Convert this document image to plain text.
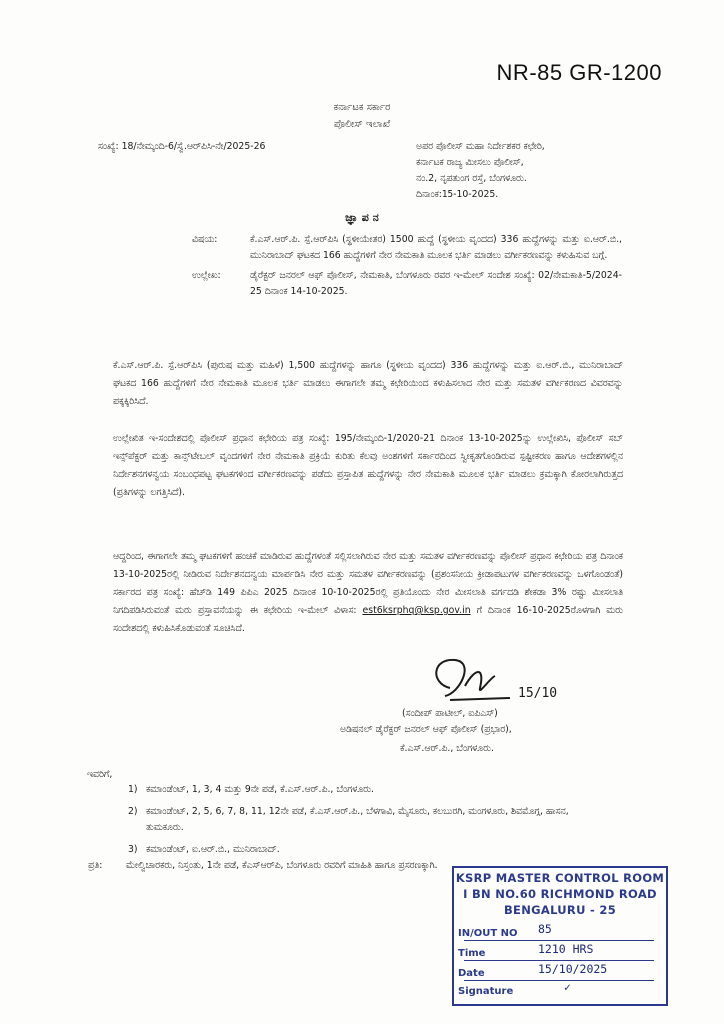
NR-85 GR-1200
ಕರ್ನಾಟಕ ಸರ್ಕಾರ
ಪೊಲೀಸ್ ಇಲಾಖೆ
ಸಂಖ್ಯೆ: 18/ನೇಮ್ಕಂದಿ-6/ಸ್ವೆ.ಆರ್‌ಪಿಸಿ-ನೇ/2025-26	ಅಪರ ಪೊಲೀಸ್ ಮಹಾ ನಿರ್ದೇಶಕರ ಕಛೇರಿ,
ಕರ್ನಾಟಕ ರಾಜ್ಯ ಮೀಸಲು ಪೊಲೀಸ್,
ನಂ.2, ನೃಪತುಂಗ ರಸ್ತೆ, ಬೆಂಗಳೂರು.
ದಿನಾಂಕ:15-10-2025.
ಜ್ಞಾ ಪ ನ
ವಿಷಯ:	ಕೆ.ಎಸ್.ಆರ್.ಪಿ. ಸ್ಪೆ.ಆರ್‌ಪಿಸಿ (ಸ್ಥಳೀಯೇತರ) 1500 ಹುದ್ದೆ (ಸ್ಥಳೀಯ ವೃಂದದ) 336 ಹುದ್ದೆಗಳನ್ನು ಮತ್ತು ಐ.ಆರ್.ಬಿ., ಮುನಿರಾಬಾದ್ ಘಟಕದ 166 ಹುದ್ದೆಗಳಿಗೆ ನೇರ ನೇಮಕಾತಿ ಮೂಲಕ ಭರ್ತಿ ಮಾಡಲು ವರ್ಗೀಕರಣವನ್ನು ಕಳುಹಿಸುವ ಬಗ್ಗೆ.
ಉಲ್ಲೇಖ:	ಡೈರೆಕ್ಟರ್ ಜನರಲ್ ಆಫ್ ಪೊಲೀಸ್, ನೇಮಕಾತಿ, ಬೆಂಗಳೂರು ರವರ ಇ-ಮೇಲ್ ಸಂದೇಶ ಸಂಖ್ಯೆ: 02/ನೇಮಕಾತಿ-5/2024-25 ದಿನಾಂಕ 14-10-2025.
ಕೆ.ಎಸ್.ಆರ್.ಪಿ. ಸ್ಪೆ.ಆರ್‌ಪಿಸಿ (ಪುರುಷ ಮತ್ತು ಮಹಿಳೆ) 1,500 ಹುದ್ದೆಗಳನ್ನು ಹಾಗೂ (ಸ್ಥಳೀಯ ವೃಂದದ) 336 ಹುದ್ದೆಗಳನ್ನು ಮತ್ತು ಐ.ಆರ್.ಬಿ., ಮುನಿರಾಬಾದ್ ಘಟಕದ 166 ಹುದ್ದೆಗಳಿಗೆ ನೇರ ನೇಮಕಾತಿ ಮೂಲಕ ಭರ್ತಿ ಮಾಡಲು ಈಗಾಗಲೇ ತಮ್ಮ ಕಛೇರಿಯಿಂದ ಕಳುಹಿಸಲಾದ ನೇರ ಮತ್ತು ಸಮತಳ ವರ್ಗೀಕರಣದ ವಿವರವನ್ನು ಪಕ್ಕಕ್ಕಿರಿಸಿದೆ.
ಉಲ್ಲೇಖಿತ ಇ-ಸಂದೇಶದಲ್ಲಿ ಪೊಲೀಸ್ ಪ್ರಧಾನ ಕಛೇರಿಯ ಪತ್ರ ಸಂಖ್ಯೆ: 195/ನೇಮ್ಕಂದಿ-1/2020-21 ದಿನಾಂಕ 13-10-2025ನ್ನು ಉಲ್ಲೇಖಿಸಿ, ಪೊಲೀಸ್ ಸಬ್ ಇನ್ಸ್‌ಪೆಕ್ಟರ್ ಮತ್ತು ಕಾನ್ಸ್‌ಟೇಬಲ್ ವೃಂದಗಳಿಗೆ ನೇರ ನೇಮಕಾತಿ ಪ್ರಕ್ರಿಯೆ ಕುರಿತು ಕೆಲವು ಅಂಶಗಳಿಗೆ ಸರ್ಕಾರದಿಂದ ಸ್ವೀಕೃತಗೊಂಡಿರುವ ಸ್ಪಷ್ಟೀಕರಣ ಹಾಗೂ ಆದೇಶಗಳಲ್ಲಿನ ನಿರ್ದೇಶನಗಳನ್ವಯ ಸಂಬಂಧಪಟ್ಟ ಘಟಕಗಳಿಂದ ವರ್ಗೀಕರಣವನ್ನು ಪಡೆದು ಪ್ರಸ್ತಾಪಿತ ಹುದ್ದೆಗಳನ್ನು ನೇರ ನೇಮಕಾತಿ ಮೂಲಕ ಭರ್ತಿ ಮಾಡಲು ಕ್ರಮಕ್ಕಾಗಿ ಕೋರಲಾಗಿರುತ್ತದ (ಪ್ರತಿಗಳನ್ನು ಲಗತ್ತಿಸಿದೆ).
ಆದ್ದರಿಂದ, ಈಗಾಗಲೇ ತಮ್ಮ ಘಟಕಗಳಿಗೆ ಹಂಚಿಕೆ ಮಾಡಿರುವ ಹುದ್ದೆಗಳಂತೆ ಸಲ್ಲಿಸಲಾಗಿರುವ ನೇರ ಮತ್ತು ಸಮತಳ ವರ್ಗೀಕರಣವನ್ನು ಪೊಲೀಸ್ ಪ್ರಧಾನ ಕಛೇರಿಯ ಪತ್ರ ದಿನಾಂಕ 13-10-2025ರಲ್ಲಿ ನೀಡಿರುವ ನಿರ್ದೇಶನದನ್ವಯ ಮಾರ್ಪಡಿಸಿ ನೇರ ಮತ್ತು ಸಮತಳ ವರ್ಗೀಕರಣವನ್ನು (ಪ್ರಶಂಸನೀಯ ಕ್ರೀಡಾಪಟುಗಳ ವರ್ಗೀಕರಣವನ್ನು ಒಳಗೊಂಡಂತೆ) ಸರ್ಕಾರದ ಪತ್ರ ಸಂಖ್ಯೆ: ಹೆಚ್‌ಡಿ 149 ಪಿಪಿಎ 2025 ದಿನಾಂಕ 10-10-2025ರಲ್ಲಿ ಪ್ರತಿಯೊಂದು ನೇರ ಮೀಸಲಾತಿ ವರ್ಗದಡಿ ಶೇಕಡಾ 3% ರಷ್ಟು ಮೀಸಲಾತಿ ನಿಗದಿಪಡಿಸಿರುವಂತೆ ಮರು ಪ್ರಸ್ತಾವನೆಯನ್ನು ಈ ಕಛೇರಿಯ ಇ-ಮೇಲ್ ವಿಳಾಸ: est6ksrphq@ksp.gov.in ಗೆ ದಿನಾಂಕ 16-10-2025ರೊಳಗಾಗಿ ಮರು ಸಂದೇಶದಲ್ಲಿ ಕಳುಹಿಸಿಕೊಡುವಂತೆ ಸೂಚಿಸಿದೆ.
15/10
(ಸಂದೀಪ್ ಪಾಟೀಲ್, ಐಪಿಎಸ್)
ಅಡಿಷನಲ್ ಡೈರೆಕ್ಟರ್ ಜನರಲ್ ಆಫ್ ಪೊಲೀಸ್ (ಪ್ರಭಾರ),
ಕೆ.ಎಸ್.ಆರ್.ಪಿ., ಬೆಂಗಳೂರು.
ಇವರಿಗೆ,
1) ಕಮಾಂಡೆಂಟ್, 1, 3, 4 ಮತ್ತು 9ನೇ ಪಡೆ, ಕೆ.ಎಸ್.ಆರ್.ಪಿ., ಬೆಂಗಳೂರು.
2) ಕಮಾಂಡೆಂಟ್, 2, 5, 6, 7, 8, 11, 12ನೇ ಪಡೆ, ಕೆ.ಎಸ್.ಆರ್.ಪಿ., ಬೆಳಗಾವಿ, ಮೈಸೂರು, ಕಲಬುರಗಿ, ಮಂಗಳೂರು, ಶಿವಮೊಗ್ಗ, ಹಾಸನ, ತುಮಕೂರು.
3) ಕಮಾಂಡೆಂಟ್, ಐ.ಆರ್.ಬಿ., ಮುನಿರಾಬಾದ್.
ಪ್ರತಿ:	ಮೇಲ್ವಿಚಾರಕರು, ನಿಸ್ತಂತು, 1ನೇ ಪಡೆ, ಕೆಎಸ್‌ಆರ್‌ಪಿ, ಬೆಂಗಳೂರು ರವರಿಗೆ ಮಾಹಿತಿ ಹಾಗೂ ಪ್ರಸರಣಕ್ಕಾಗಿ.
KSRP MASTER CONTROL ROOM
I BN NO.60 RICHMOND ROAD
BENGALURU - 25
IN/OUT NO 85
Time	1210 HRS
Date	15/10/2025
Signature	✓
